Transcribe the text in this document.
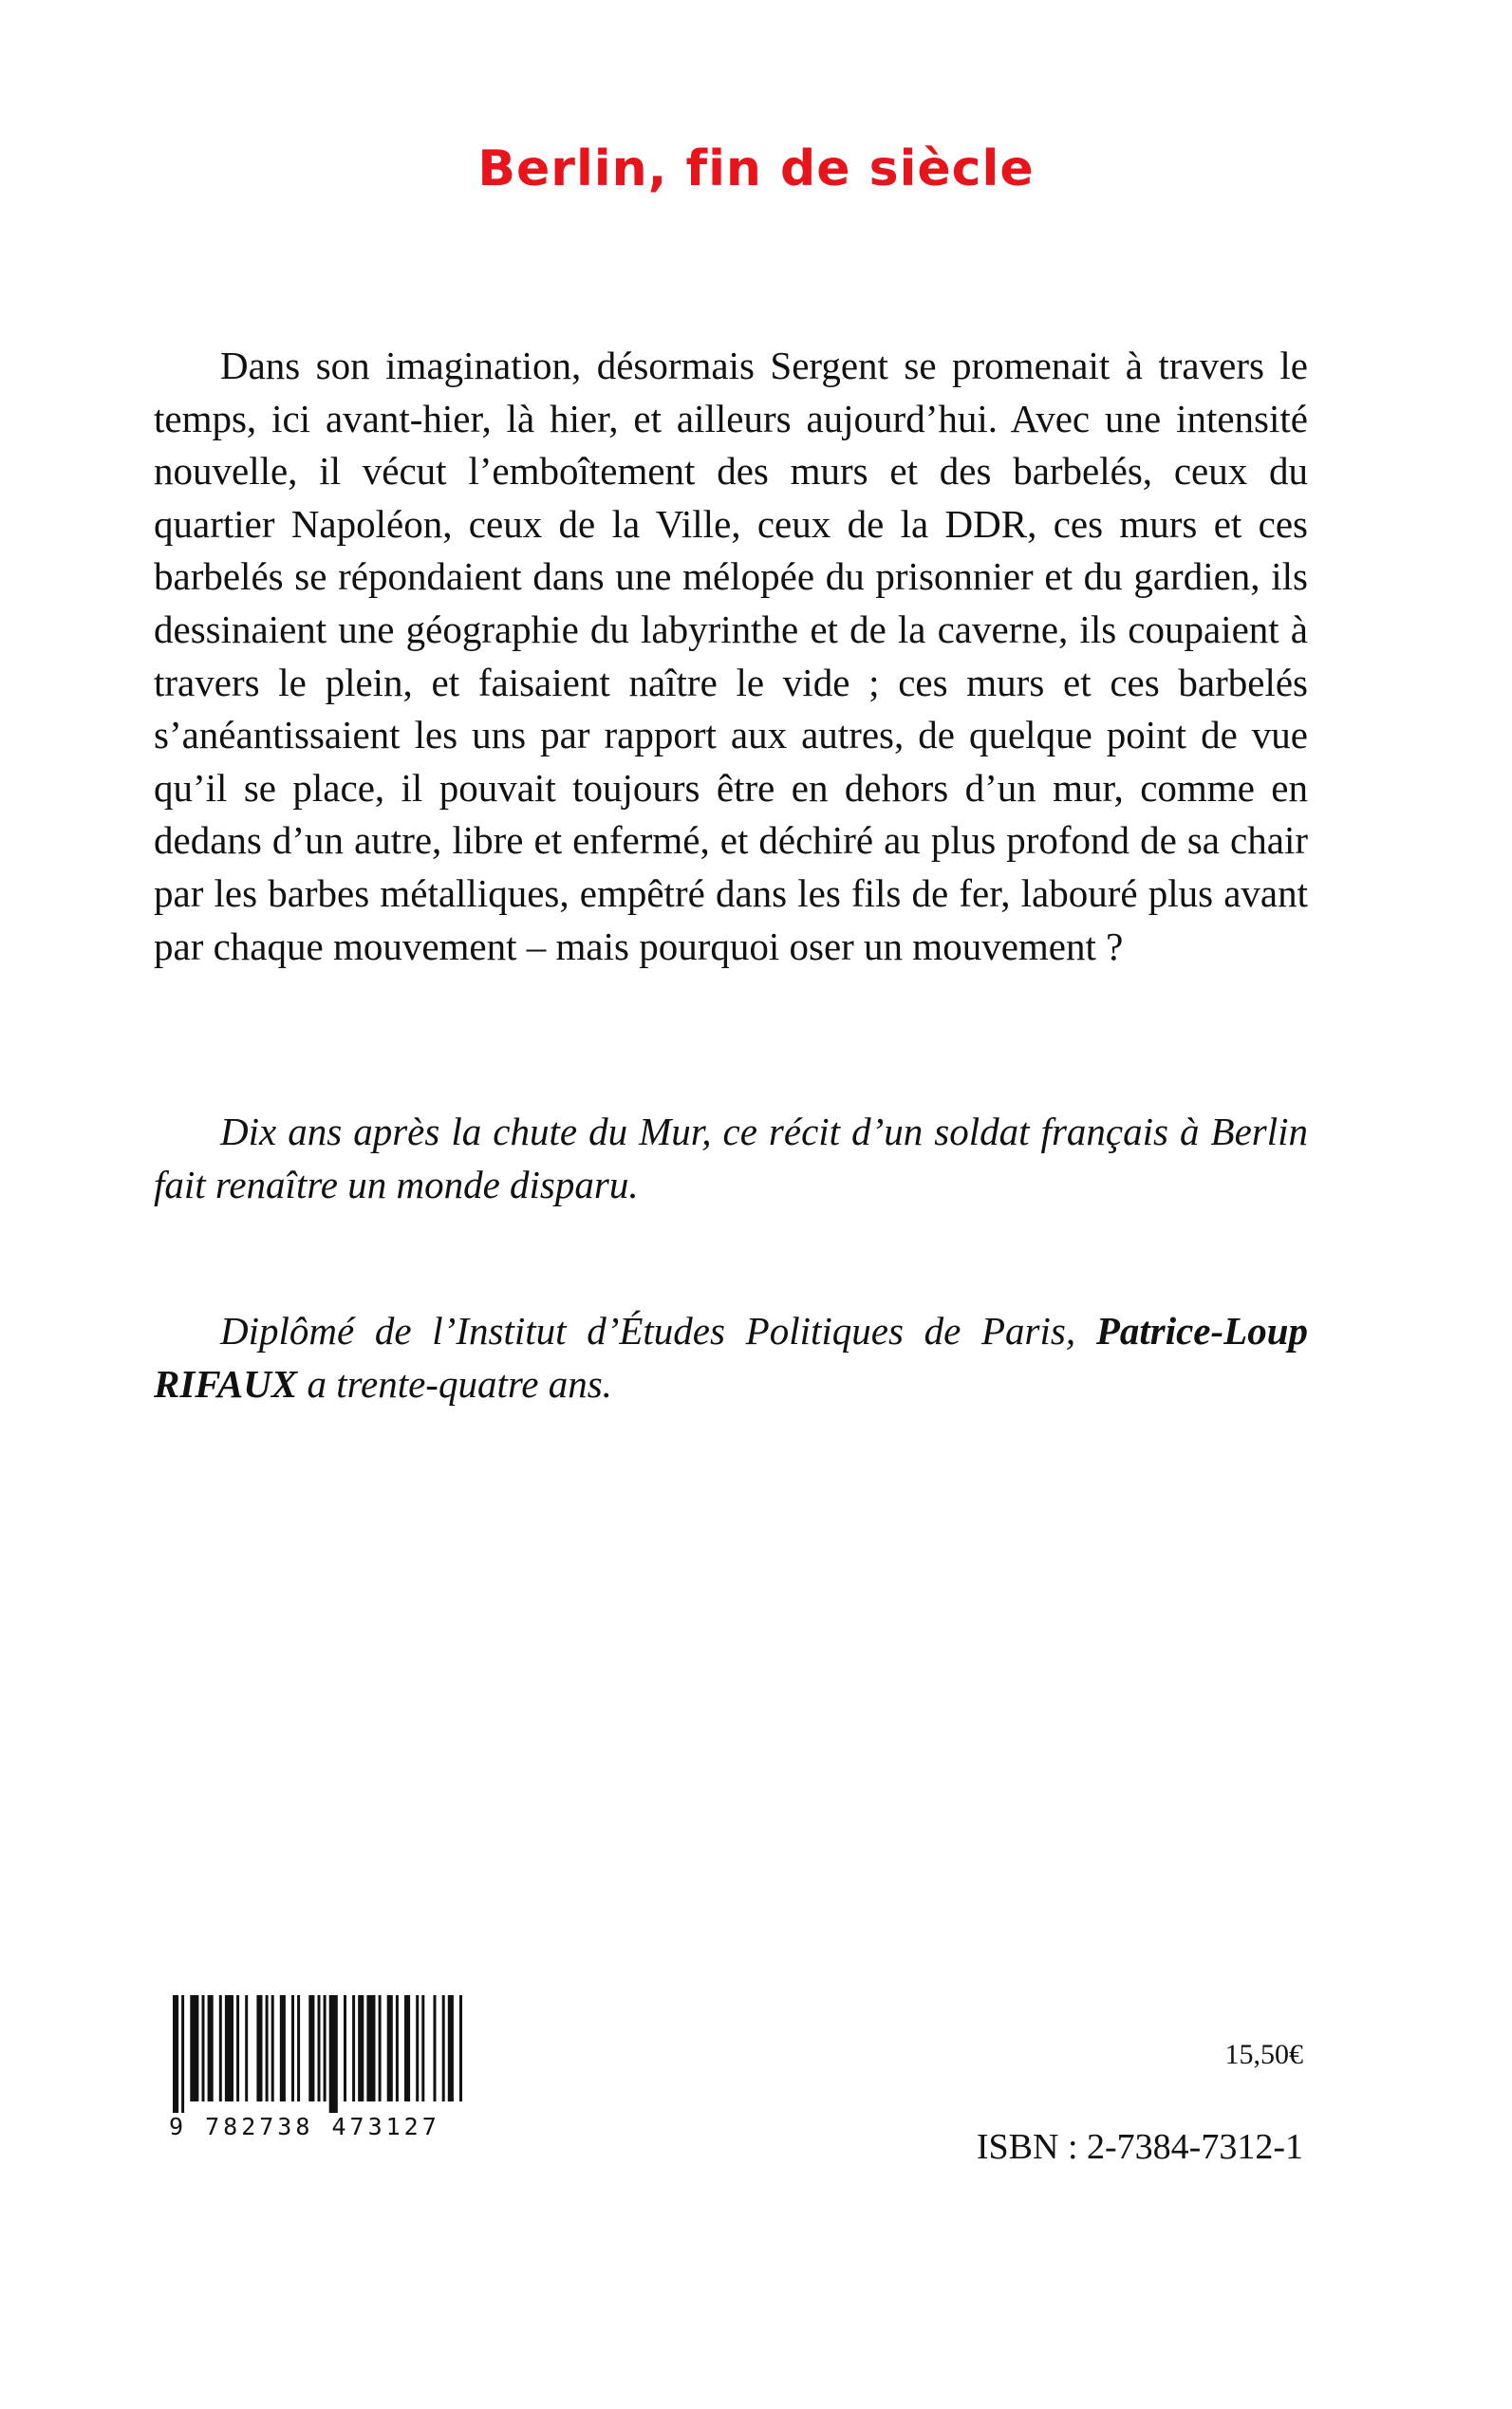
Berlin, fin de siècle

Dans son imagination, désormais Sergent se promenait à travers le temps, ici avant-hier, là hier, et ailleurs aujourd’hui. Avec une intensité nouvelle, il vécut l’emboîtement des murs et des barbelés, ceux du quartier Napoléon, ceux de la Ville, ceux de la DDR, ces murs et ces barbelés se répondaient dans une mélopée du prisonnier et du gardien, ils dessinaient une géographie du labyrinthe et de la caverne, ils coupaient à travers le plein, et faisaient naître le vide ; ces murs et ces barbelés s’anéantissaient les uns par rapport aux autres, de quelque point de vue qu’il se place, il pouvait toujours être en dehors d’un mur, comme en dedans d’un autre, libre et enfermé, et déchiré au plus profond de sa chair par les barbes métalliques, empêtré dans les fils de fer, labouré plus avant par chaque mouvement – mais pourquoi oser un mouvement ?

Dix ans après la chute du Mur, ce récit d’un soldat français à Berlin fait renaître un monde disparu.

Diplômé de l’Institut d’Études Politiques de Paris, Patrice-Loup RIFAUX a trente-quatre ans.

9 782738 473127

15,50€

ISBN : 2-7384-7312-1
